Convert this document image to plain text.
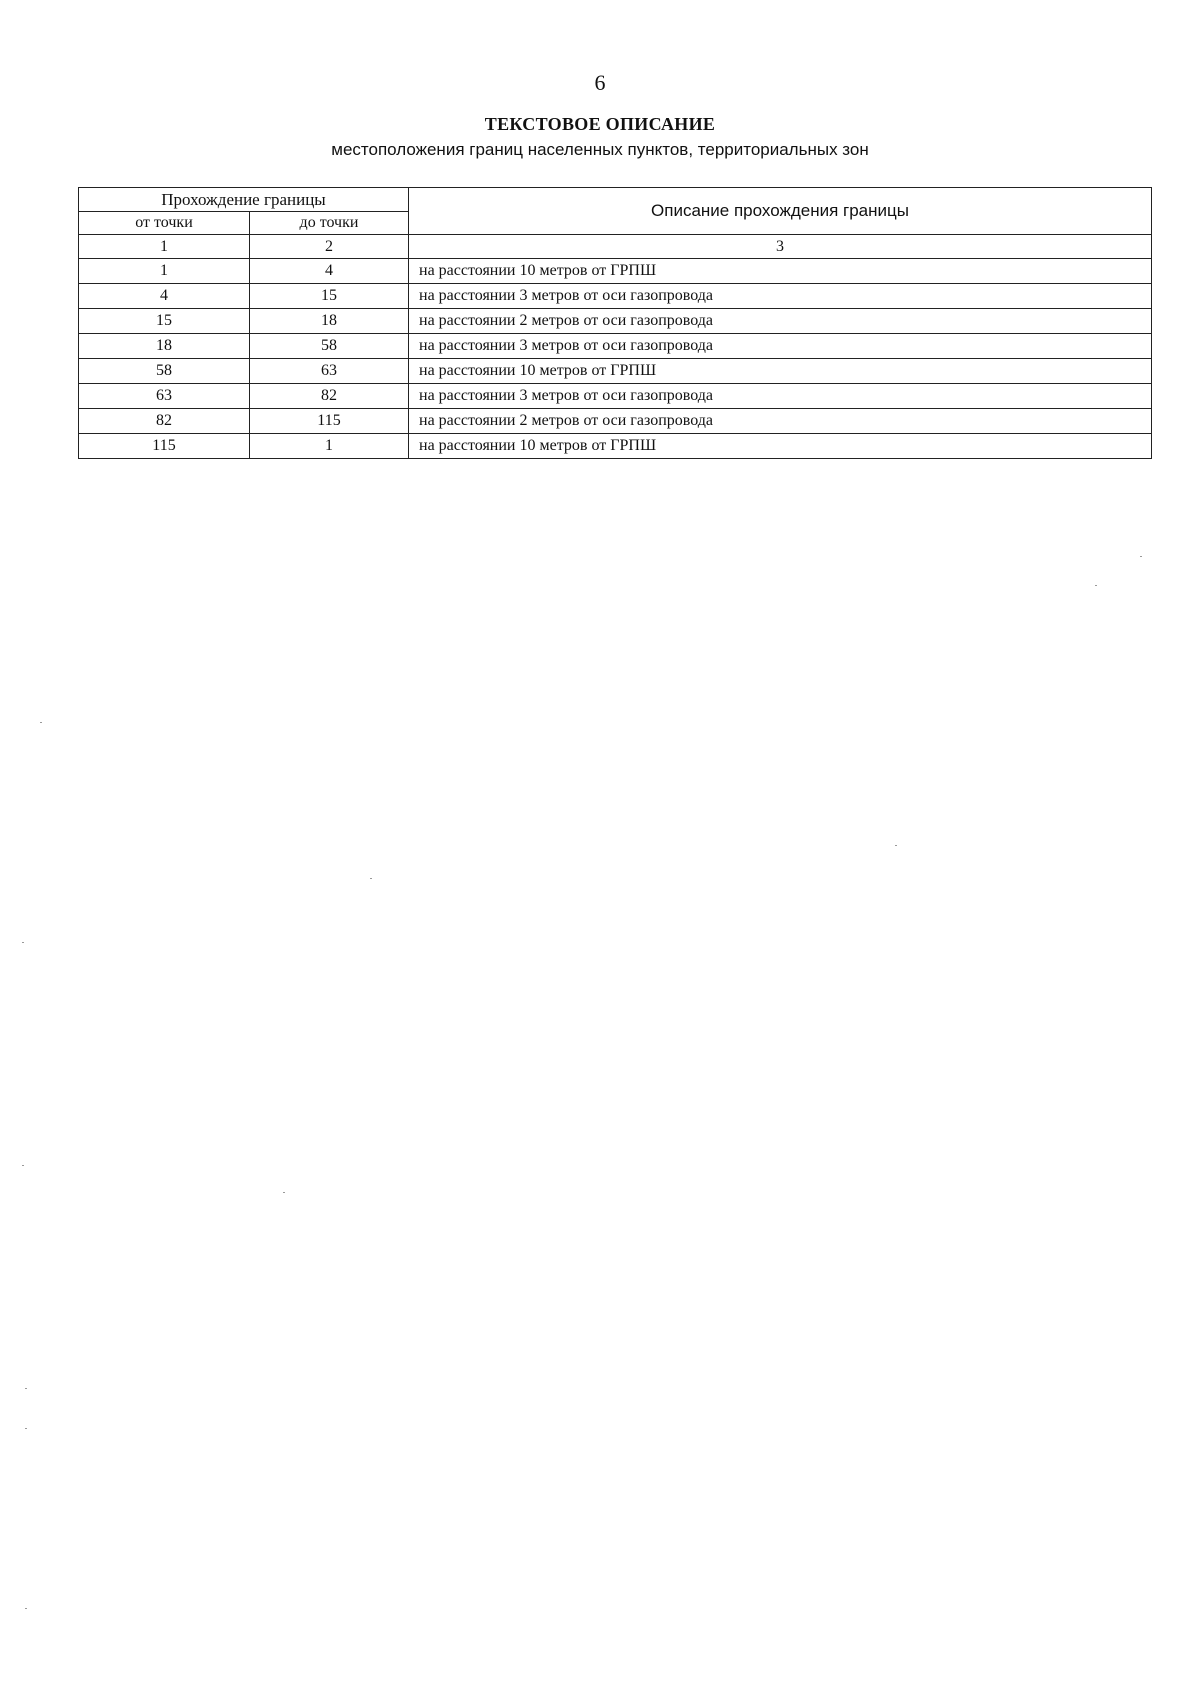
6
ТЕКСТОВОЕ ОПИСАНИЕ
местоположения границ населенных пунктов, территориальных зон
Прохождение границы		Описание прохождения границы
от точки	до точки	
1	2	3
1	4	на расстоянии 10 метров от ГРПШ
4	15	на расстоянии 3 метров от оси газопровода
15	18	на расстоянии 2 метров от оси газопровода
18	58	на расстоянии 3 метров от оси газопровода
58	63	на расстоянии 10 метров от ГРПШ
63	82	на расстоянии 3 метров от оси газопровода
82	115	на расстоянии 2 метров от оси газопровода
115	1	на расстоянии 10 метров от ГРПШ
